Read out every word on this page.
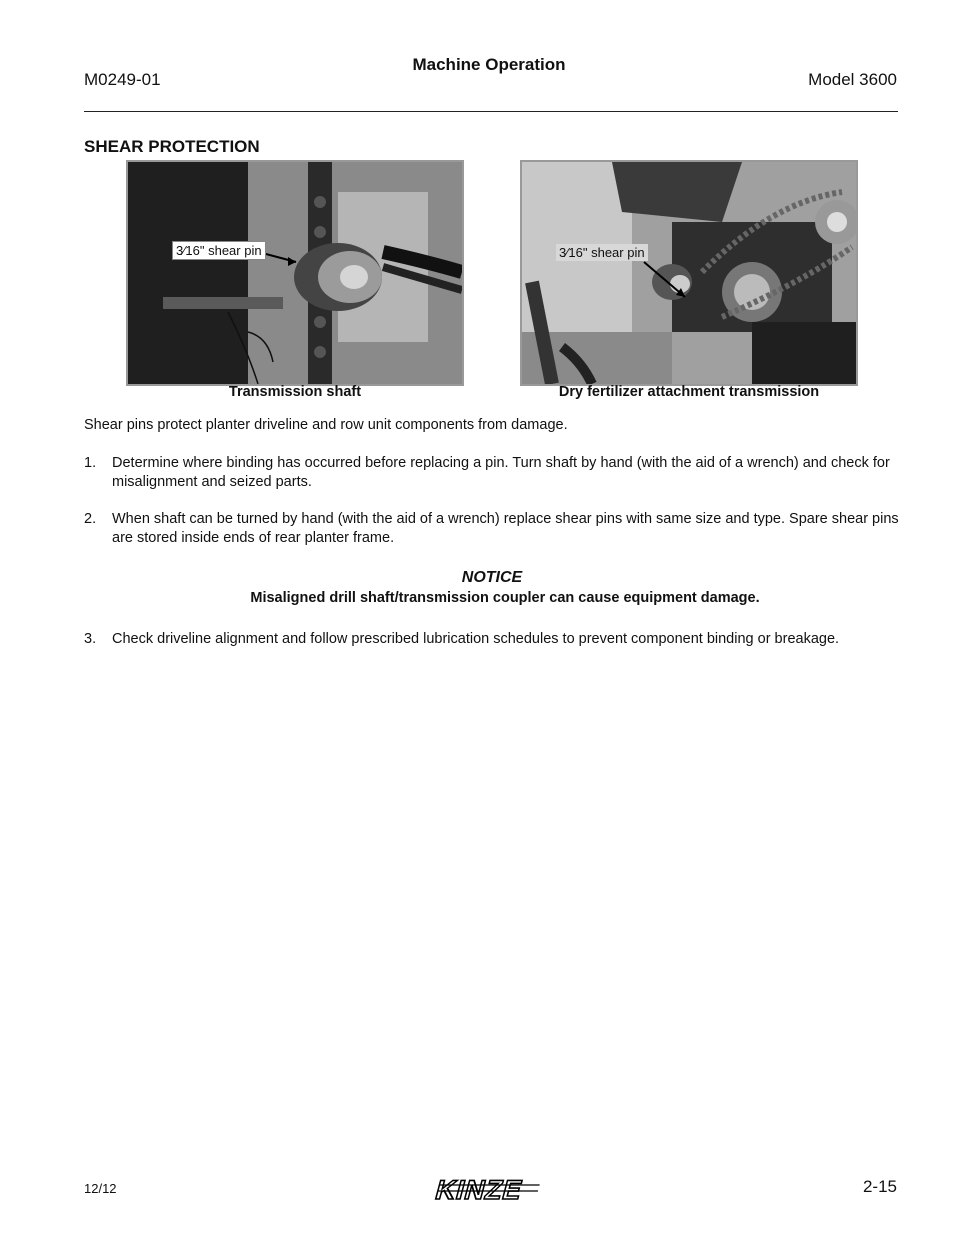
M0249-01
Machine Operation
Model 3600
SHEAR PROTECTION
3⁄16" shear pin
Transmission shaft
3⁄16" shear pin
Dry fertilizer attachment transmission
Shear pins protect planter driveline and row unit components from damage.
1. Determine where binding has occurred before replacing a pin. Turn shaft by hand (with the aid of a wrench) and check for misalignment and seized parts.
2. When shaft can be turned by hand (with the aid of a wrench) replace shear pins with same size and type. Spare shear pins are stored inside ends of rear planter frame.
NOTICE
Misaligned drill shaft/transmission coupler can cause equipment damage.
3. Check driveline alignment and follow prescribed lubrication schedules to prevent component binding or breakage.
12/12	KINZE	2-15
